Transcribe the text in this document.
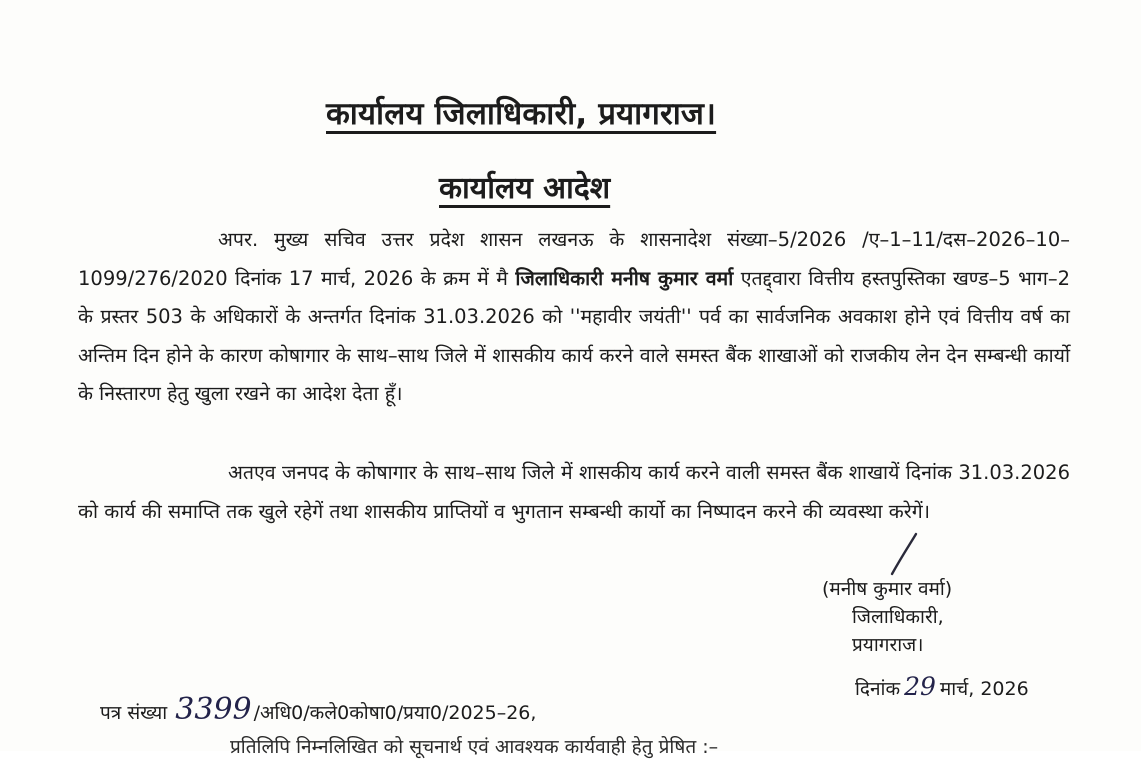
कार्यालय जिलाधिकारी, प्रयागराज।
कार्यालय आदेश
अपर. मुख्य सचिव उत्तर प्रदेश शासन लखनऊ के शासनादेश संख्या–5/2026 /ए–1–11/दस–2026–10–1099/276/2020 दिनांक 17 मार्च, 2026 के क्रम में मै जिलाधिकारी मनीष कुमार वर्मा एतद्द्वारा वित्तीय हस्तपुस्तिका खण्ड–5 भाग–2 के प्रस्तर 503 के अधिकारों के अन्तर्गत दिनांक 31.03.2026 को ''महावीर जयंती'' पर्व का सार्वजनिक अवकाश होने एवं वित्तीय वर्ष का अन्तिम दिन होने के कारण कोषागार के साथ–साथ जिले में शासकीय कार्य करने वाले समस्त बैंक शाखाओं को राजकीय लेन देन सम्बन्धी कार्यो के निस्तारण हेतु खुला रखने का आदेश देता हूँ।
अतएव जनपद के कोषागार के साथ–साथ जिले में शासकीय कार्य करने वाली समस्त बैंक शाखायें दिनांक 31.03.2026 को कार्य की समाप्ति तक खुले रहेगें तथा शासकीय प्राप्तियों व भुगतान सम्बन्धी कार्यो का निष्पादन करने की व्यवस्था करेगें।
(मनीष कुमार वर्मा)
जिलाधिकारी,
प्रयागराज।
दिनांक 29 मार्च, 2026
पत्र संख्या 3399 /अधि0/कले0कोषा0/प्रया0/2025–26,
प्रतिलिपि निम्नलिखित को सूचनार्थ एवं आवश्यक कार्यवाही हेतु प्रेषित :–
